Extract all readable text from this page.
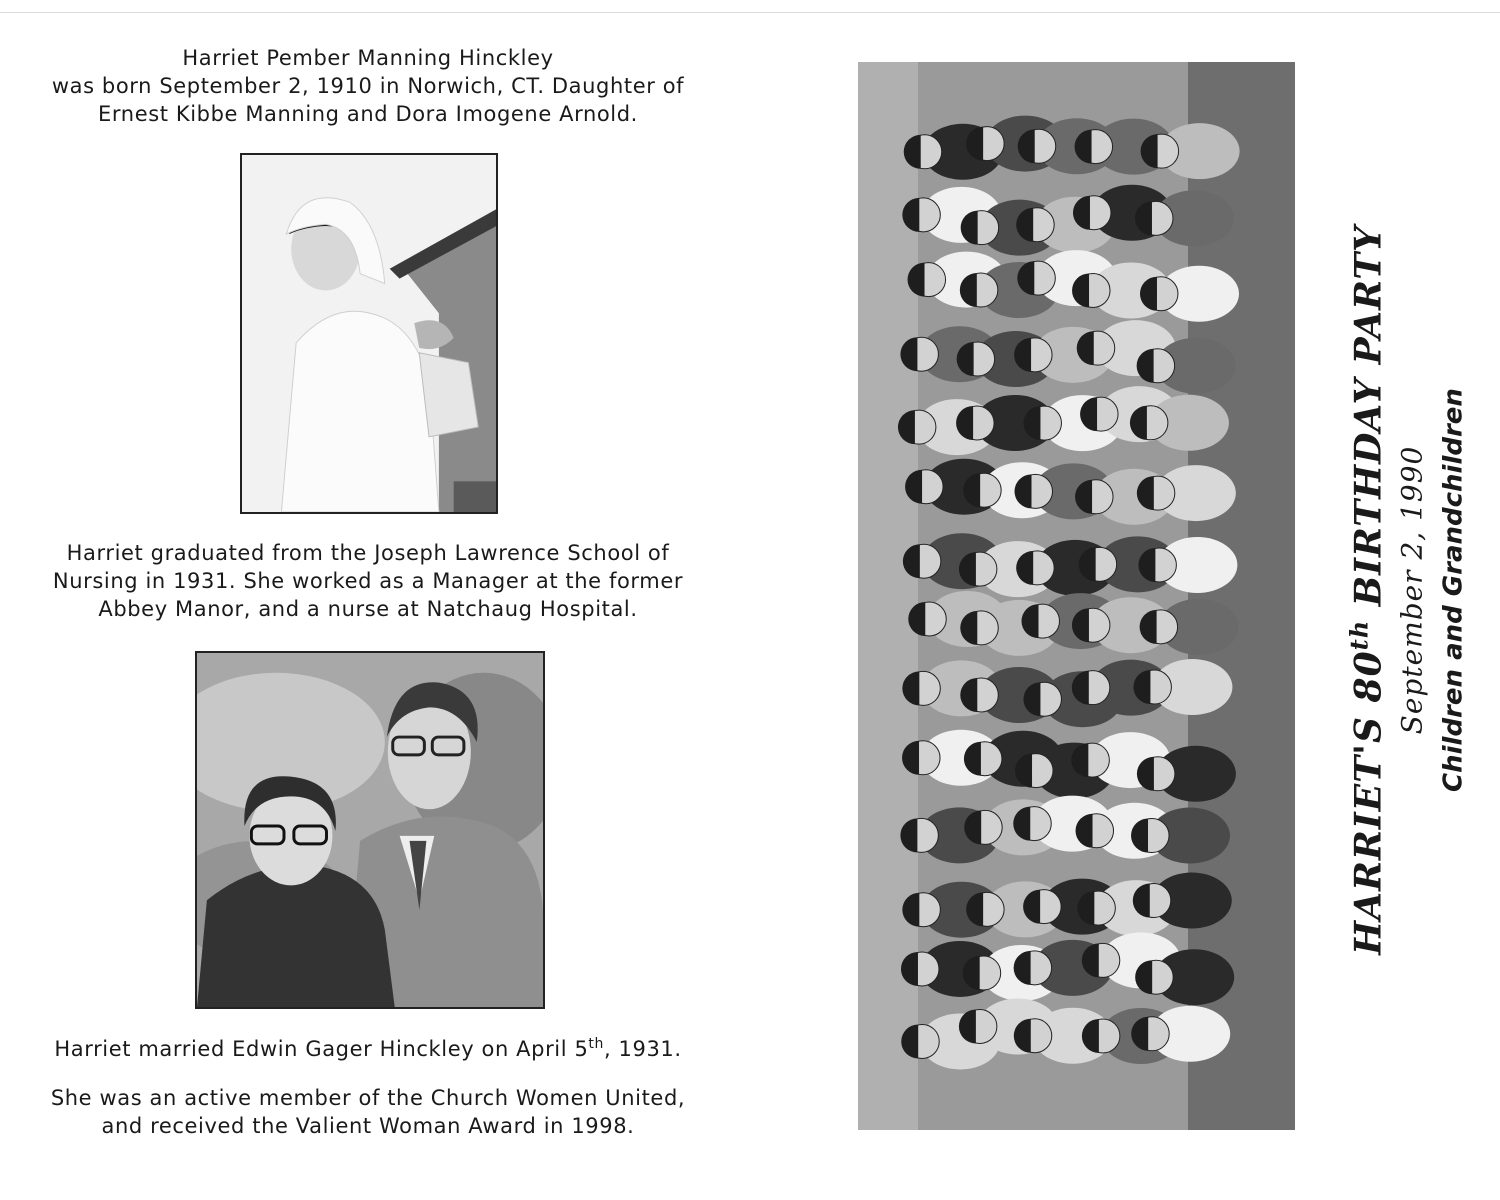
Harriet Pember Manning Hinckley
was born September 2, 1910 in Norwich, CT. Daughter of
Ernest Kibbe Manning and Dora Imogene Arnold.
Harriet graduated from the Joseph Lawrence School of
Nursing in 1931. She worked as a Manager at the former
Abbey Manor, and a nurse at Natchaug Hospital.
Harriet married Edwin Gager Hinckley on April 5th, 1931.
She was an active member of the Church Women United,
and received the Valient Woman Award in 1998.
HARRIET'S 80th BIRTHDAY PARTY September 2, 1990 Children and Grandchildren
